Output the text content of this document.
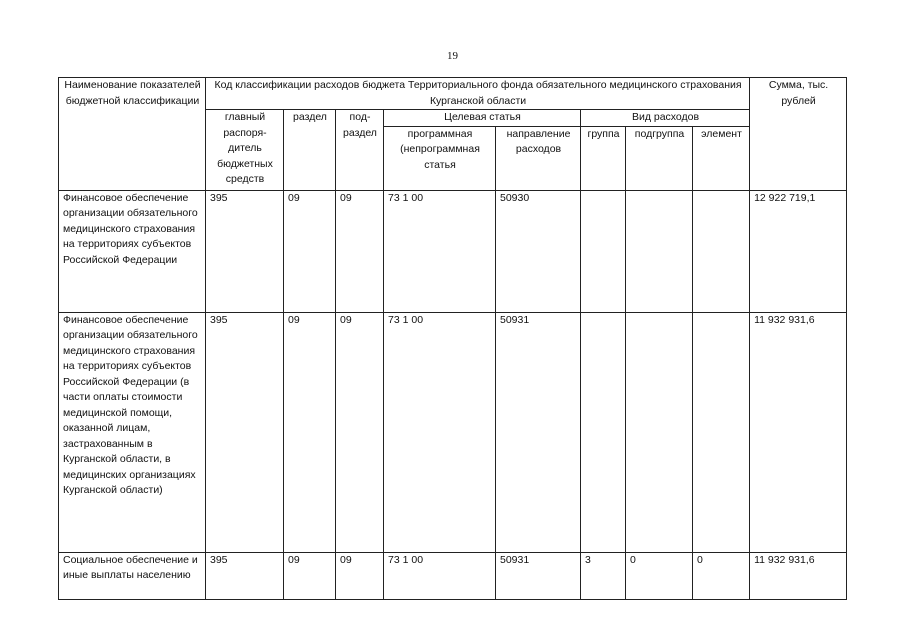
19
Наименование показателей бюджетной классификации	Код классификации расходов бюджета Территориального фонда обязательного медицинского страхования Курганской области								Сумма, тыс. рублей
	главный распоря-дитель бюджетных средств	раздел	под-раздел	Целевая статья		Вид расходов			
				программная (непрограммная статья	направление расходов	группа	подгруппа	элемент	
Финансовое обеспечение организации обязательного медицинского страхования на территориях субъектов Российской Федерации	395	09	09	73 1 00	50930				12 922 719,1
Финансовое обеспечение организации обязательного медицинского страхования на территориях субъектов Российской Федерации (в части оплаты стоимости медицинской помощи, оказанной лицам, застрахованным в Курганской области, в медицинских организациях Курганской области)	395	09	09	73 1 00	50931				11 932 931,6
Социальное обеспечение и иные выплаты населению	395	09	09	73 1 00	50931	3	0	0	11 932 931,6
